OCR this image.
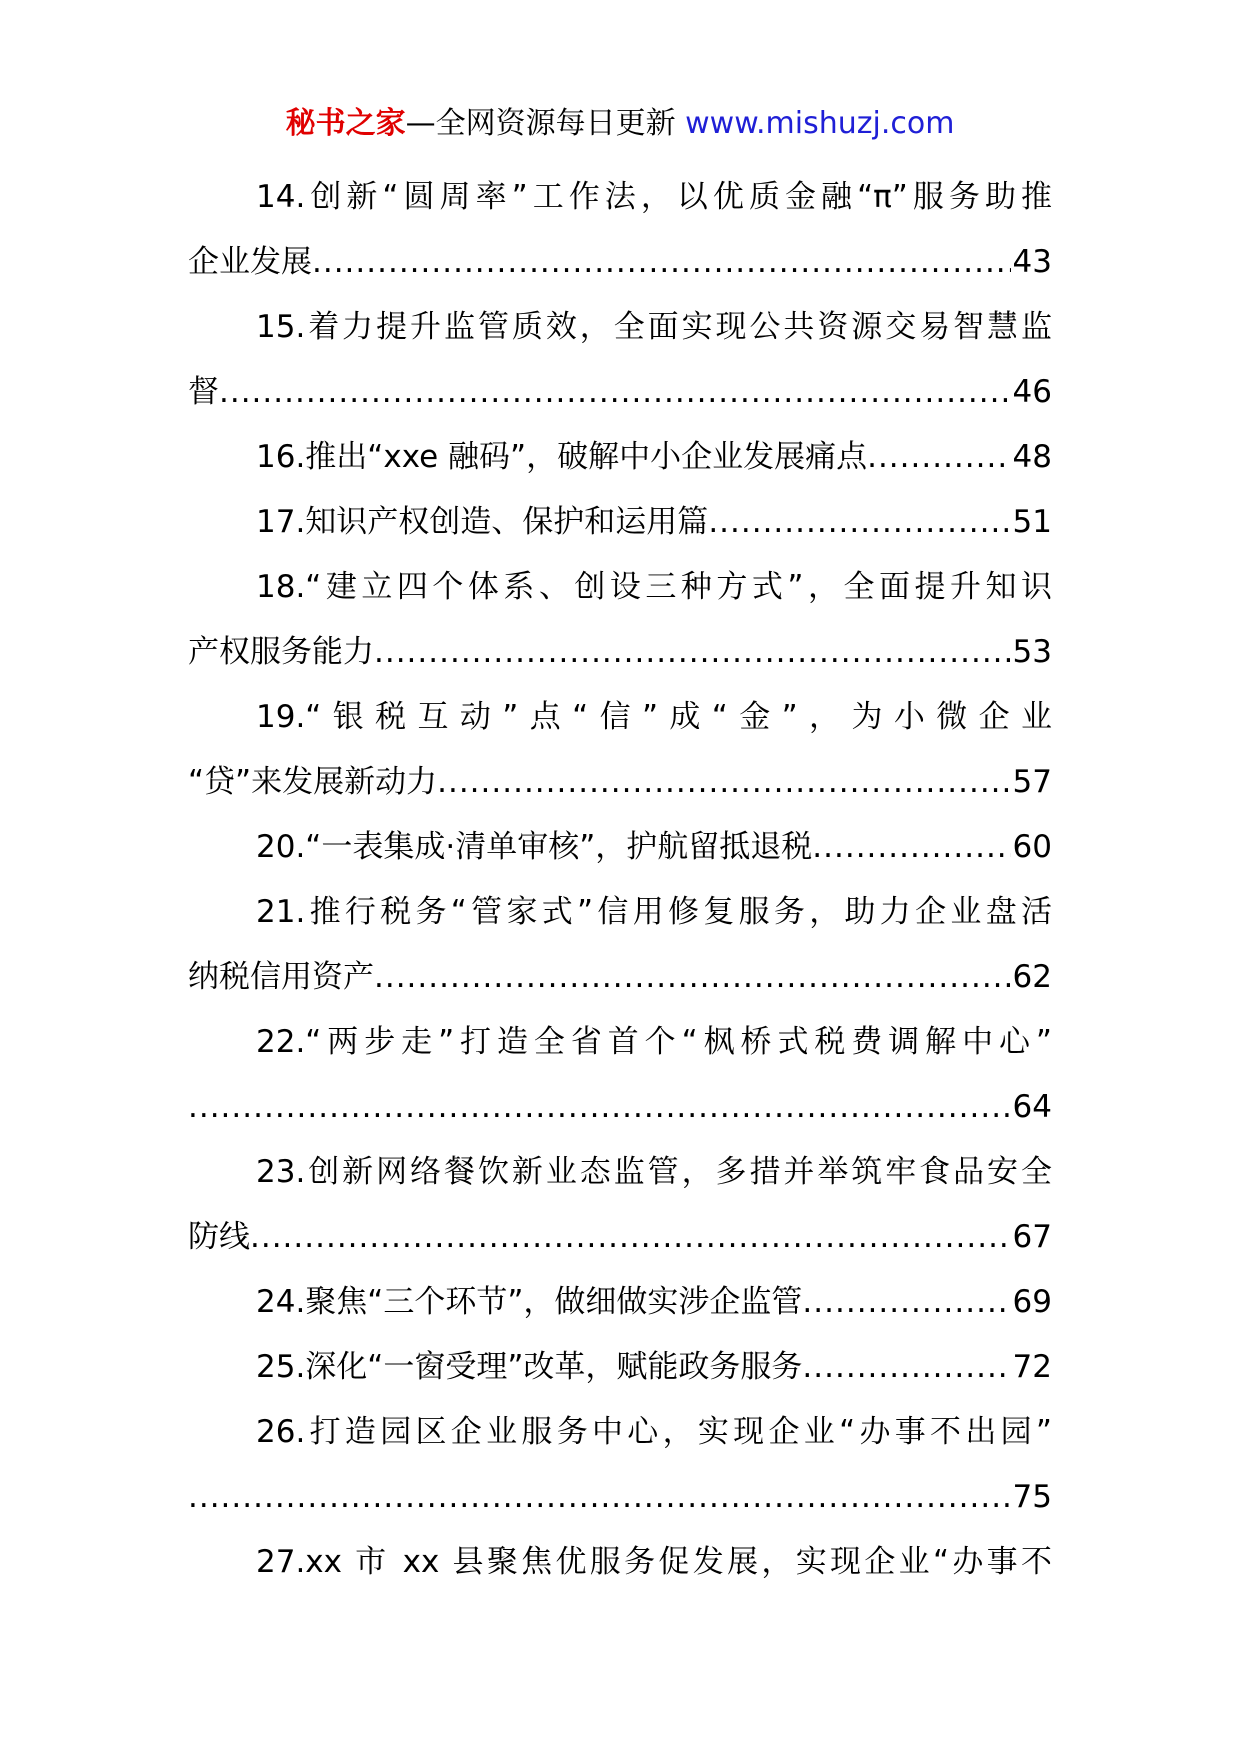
秘书之家—全网资源每日更新 www.mishuzj.com
14.创新“圆周率”工作法，以优质金融“π”服务助推
企业发展 .....	43
15.着力提升监管质效，全面实现公共资源交易智慧监
督 .....	46
16.推出“xxe 融码”，破解中小企业发展痛点 .....	48
17.知识产权创造、保护和运用篇 .....	51
18.“建立四个体系、创设三种方式”，全面提升知识
产权服务能力 .....	53
19.“银税互动”点“信”成“金”，为小微企业
“贷”来发展新动力 .....	57
20.“一表集成·清单审核”，护航留抵退税 .....	60
21.推行税务“管家式”信用修复服务，助力企业盘活
纳税信用资产 .....	62
22.“两步走”打造全省首个“枫桥式税费调解中心”
.....
64
23.创新网络餐饮新业态监管，多措并举筑牢食品安全
防线 .....	67
24.聚焦“三个环节”，做细做实涉企监管 .....	69
25.深化“一窗受理”改革，赋能政务服务 .....	72
26.打造园区企业服务中心，实现企业“办事不出园”
.....
75
27.xx 市 xx 县聚焦优服务促发展，实现企业“办事不
